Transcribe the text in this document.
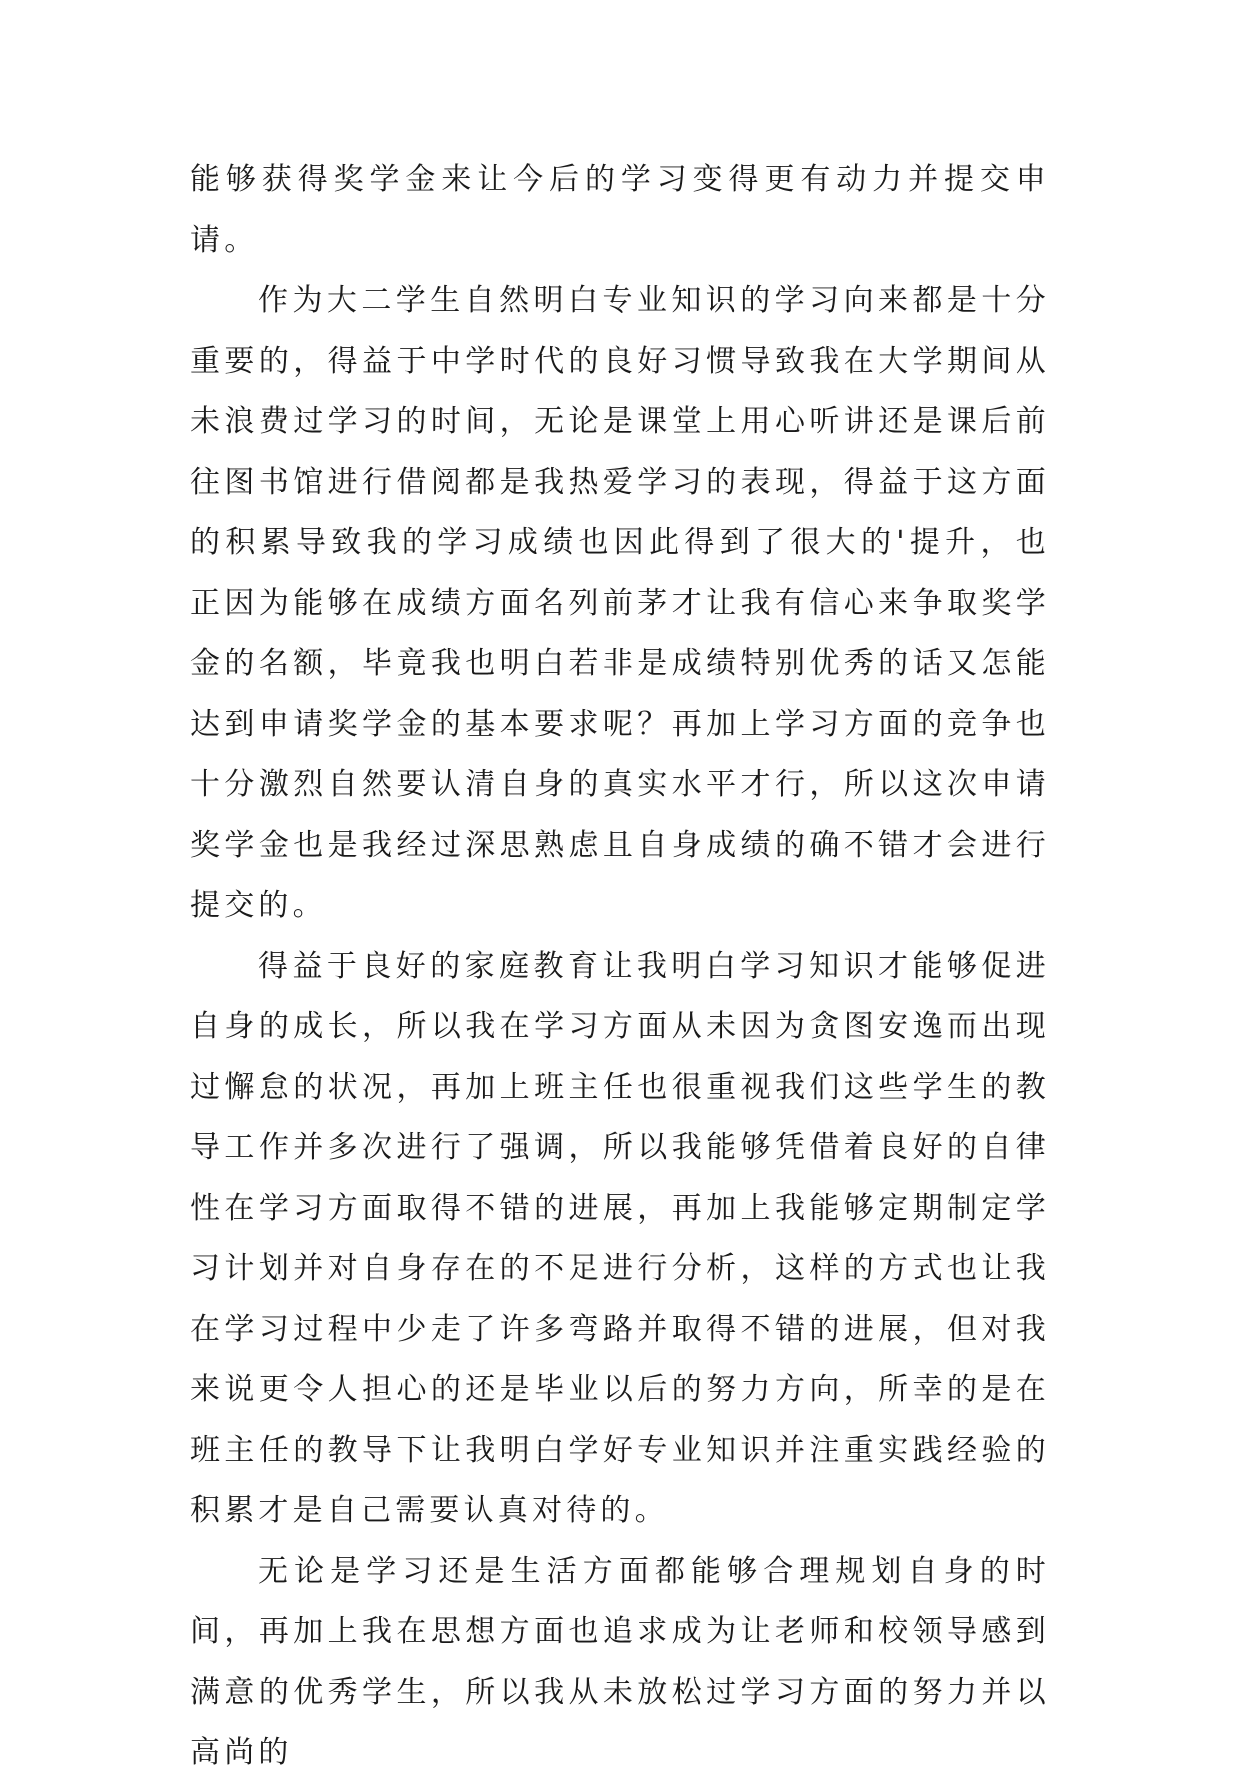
能够获得奖学金来让今后的学习变得更有动力并提交申请。

作为大二学生自然明白专业知识的学习向来都是十分重要的，得益于中学时代的良好习惯导致我在大学期间从未浪费过学习的时间，无论是课堂上用心听讲还是课后前往图书馆进行借阅都是我热爱学习的表现，得益于这方面的积累导致我的学习成绩也因此得到了很大的'提升，也正因为能够在成绩方面名列前茅才让我有信心来争取奖学金的名额，毕竟我也明白若非是成绩特别优秀的话又怎能达到申请奖学金的基本要求呢？再加上学习方面的竞争也十分激烈自然要认清自身的真实水平才行，所以这次申请奖学金也是我经过深思熟虑且自身成绩的确不错才会进行提交的。

得益于良好的家庭教育让我明白学习知识才能够促进自身的成长，所以我在学习方面从未因为贪图安逸而出现过懈怠的状况，再加上班主任也很重视我们这些学生的教导工作并多次进行了强调，所以我能够凭借着良好的自律性在学习方面取得不错的进展，再加上我能够定期制定学习计划并对自身存在的不足进行分析，这样的方式也让我在学习过程中少走了许多弯路并取得不错的进展，但对我来说更令人担心的还是毕业以后的努力方向，所幸的是在班主任的教导下让我明白学好专业知识并注重实践经验的积累才是自己需要认真对待的。

无论是学习还是生活方面都能够合理规划自身的时间，再加上我在思想方面也追求成为让老师和校领导感到满意的优秀学生，所以我从未放松过学习方面的努力并以高尚的
